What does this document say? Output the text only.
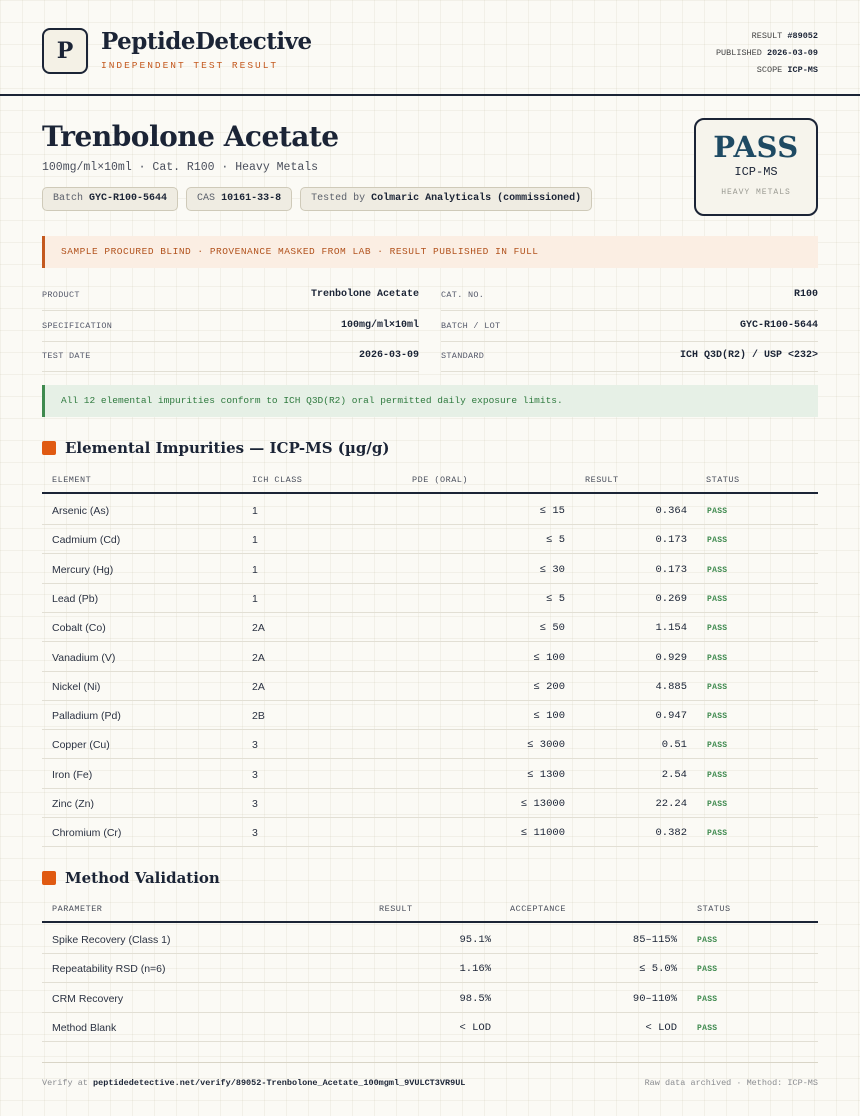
P	PeptideDetective
INDEPENDENT TEST RESULT
RESULT #89052
PUBLISHED 2026-03-09
SCOPE ICP-MS
Trenbolone Acetate
100mg/ml×10ml · Cat. R100 · Heavy Metals
Batch GYC-R100-5644	CAS 10161-33-8	Tested by Colmaric Analyticals (commissioned)
PASS
ICP-MS
HEAVY METALS
SAMPLE PROCURED BLIND · PROVENANCE MASKED FROM LAB · RESULT PUBLISHED IN FULL
PRODUCT	Trenbolone Acetate
SPECIFICATION	100mg/ml×10ml
TEST DATE	2026-03-09
CAT. NO.	R100
BATCH / LOT	GYC-R100-5644
STANDARD	ICH Q3D(R2) / USP <232>
All 12 elemental impurities conform to ICH Q3D(R2) oral permitted daily exposure limits.
Elemental Impurities — ICP-MS (µg/g)
ELEMENT	ICH CLASS	PDE (ORAL)	RESULT	STATUS
Arsenic (As)	1	≤ 15	0.364	PASS
Cadmium (Cd)	1	≤ 5	0.173	PASS
Mercury (Hg)	1	≤ 30	0.173	PASS
Lead (Pb)	1	≤ 5	0.269	PASS
Cobalt (Co)	2A	≤ 50	1.154	PASS
Vanadium (V)	2A	≤ 100	0.929	PASS
Nickel (Ni)	2A	≤ 200	4.885	PASS
Palladium (Pd)	2B	≤ 100	0.947	PASS
Copper (Cu)	3	≤ 3000	0.51	PASS
Iron (Fe)	3	≤ 1300	2.54	PASS
Zinc (Zn)	3	≤ 13000	22.24	PASS
Chromium (Cr)	3	≤ 11000	0.382	PASS
Method Validation
PARAMETER	RESULT	ACCEPTANCE	STATUS
Spike Recovery (Class 1)	95.1%	85–115%	PASS
Repeatability RSD (n=6)	1.16%	≤ 5.0%	PASS
CRM Recovery	98.5%	90–110%	PASS
Method Blank	< LOD	< LOD	PASS
Verify at peptidedetective.net/verify/89052-Trenbolone_Acetate_100mgml_9VULCT3VR9UL	Raw data archived · Method: ICP-MS
